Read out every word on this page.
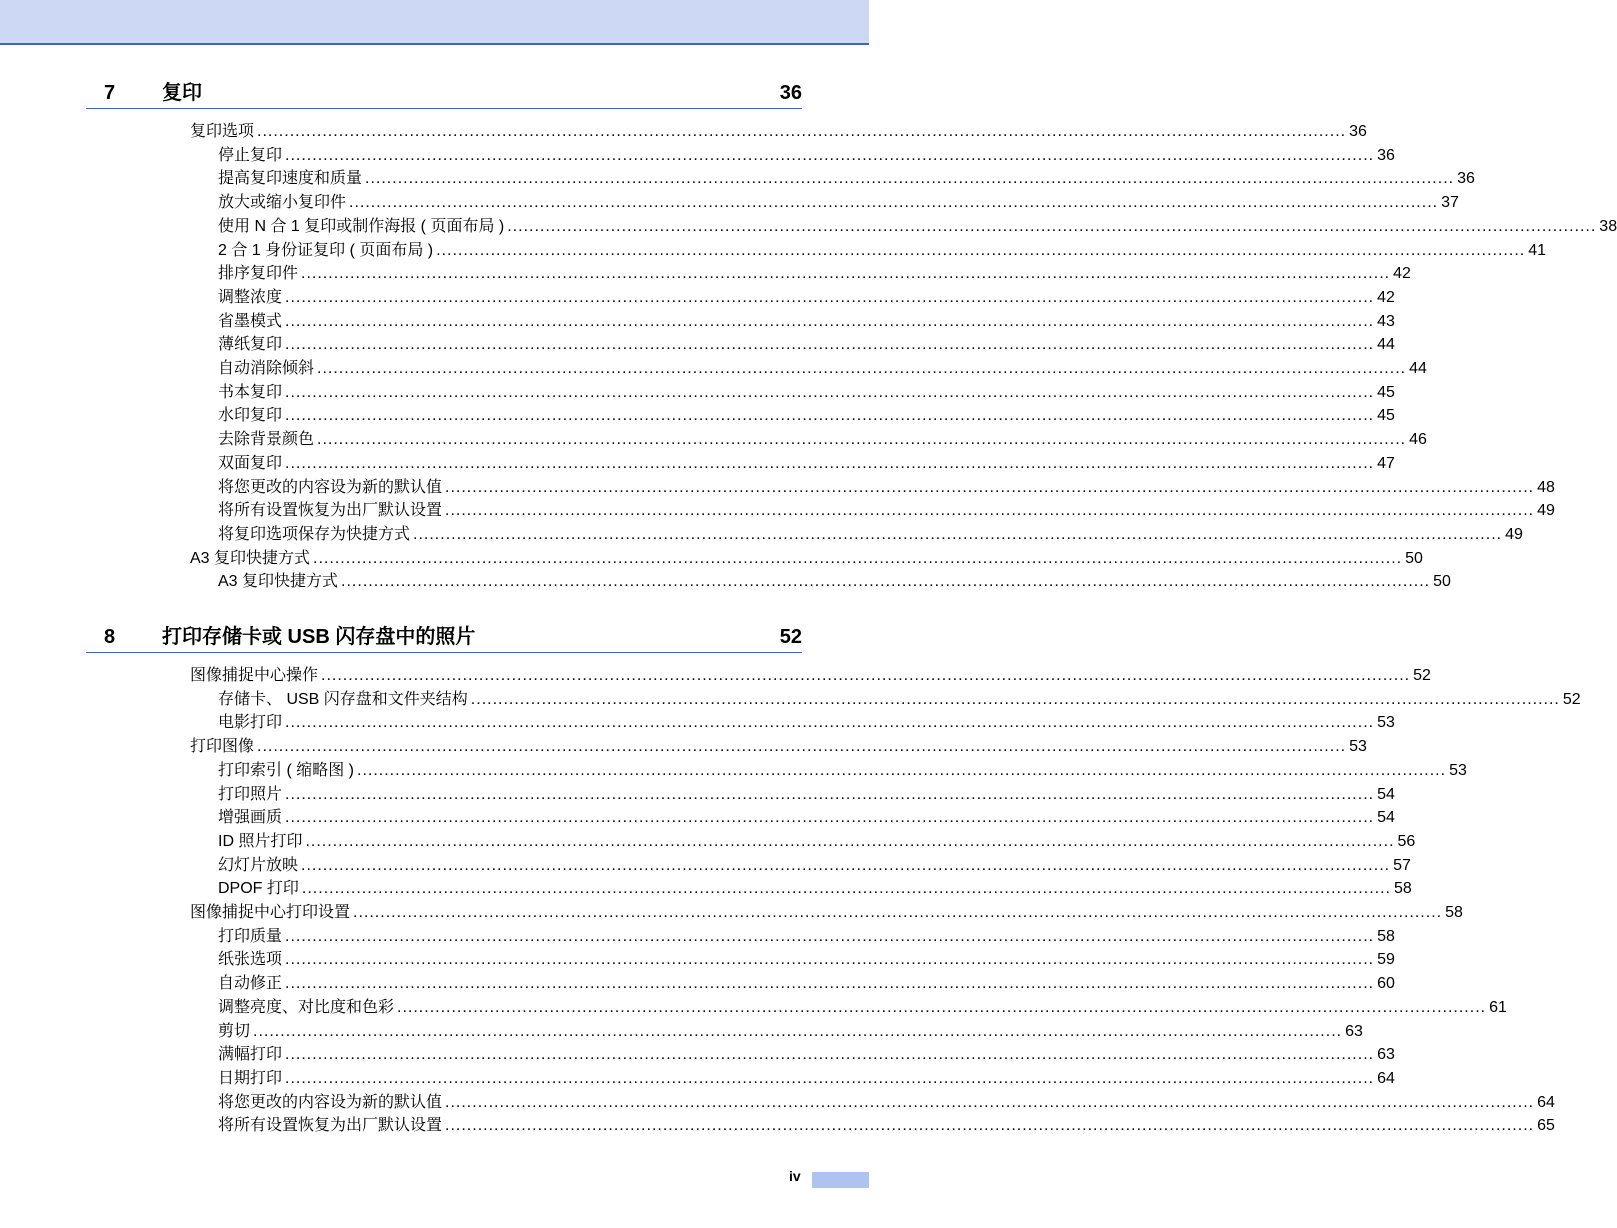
7 复印	36
复印选项 ........................................................................................................................................................................................................ 36
停止复印 ........................................................................................................................................................................................................ 36
提高复印速度和质量 ........................................................................................................................................................................................................ 36
放大或缩小复印件 ........................................................................................................................................................................................................ 37
使用 N 合 1 复印或制作海报 ( 页面布局 ) ........................................................................................................................................................................................................ 38
2 合 1 身份证复印 ( 页面布局 ) ........................................................................................................................................................................................................ 41
排序复印件 ........................................................................................................................................................................................................ 42
调整浓度 ........................................................................................................................................................................................................ 42
省墨模式 ........................................................................................................................................................................................................ 43
薄纸复印 ........................................................................................................................................................................................................ 44
自动消除倾斜 ........................................................................................................................................................................................................ 44
书本复印 ........................................................................................................................................................................................................ 45
水印复印 ........................................................................................................................................................................................................ 45
去除背景颜色 ........................................................................................................................................................................................................ 46
双面复印 ........................................................................................................................................................................................................ 47
将您更改的内容设为新的默认值 ........................................................................................................................................................................................................ 48
将所有设置恢复为出厂默认设置 ........................................................................................................................................................................................................ 49
将复印选项保存为快捷方式 ........................................................................................................................................................................................................ 49
A3 复印快捷方式 ........................................................................................................................................................................................................ 50
A3 复印快捷方式 ........................................................................................................................................................................................................ 50
8 打印存储卡或 USB 闪存盘中的照片	52
图像捕捉中心操作 ........................................................................................................................................................................................................ 52
存储卡、 USB 闪存盘和文件夹结构 ........................................................................................................................................................................................................ 52
电影打印 ........................................................................................................................................................................................................ 53
打印图像 ........................................................................................................................................................................................................ 53
打印索引 ( 缩略图 ) ........................................................................................................................................................................................................ 53
打印照片 ........................................................................................................................................................................................................ 54
增强画质 ........................................................................................................................................................................................................ 54
ID 照片打印 ........................................................................................................................................................................................................ 56
幻灯片放映 ........................................................................................................................................................................................................ 57
DPOF 打印 ........................................................................................................................................................................................................ 58
图像捕捉中心打印设置 ........................................................................................................................................................................................................ 58
打印质量 ........................................................................................................................................................................................................ 58
纸张选项 ........................................................................................................................................................................................................ 59
自动修正 ........................................................................................................................................................................................................ 60
调整亮度、对比度和色彩 ........................................................................................................................................................................................................ 61
剪切 ........................................................................................................................................................................................................ 63
满幅打印 ........................................................................................................................................................................................................ 63
日期打印 ........................................................................................................................................................................................................ 64
将您更改的内容设为新的默认值 ........................................................................................................................................................................................................ 64
将所有设置恢复为出厂默认设置 ........................................................................................................................................................................................................ 65
iv
